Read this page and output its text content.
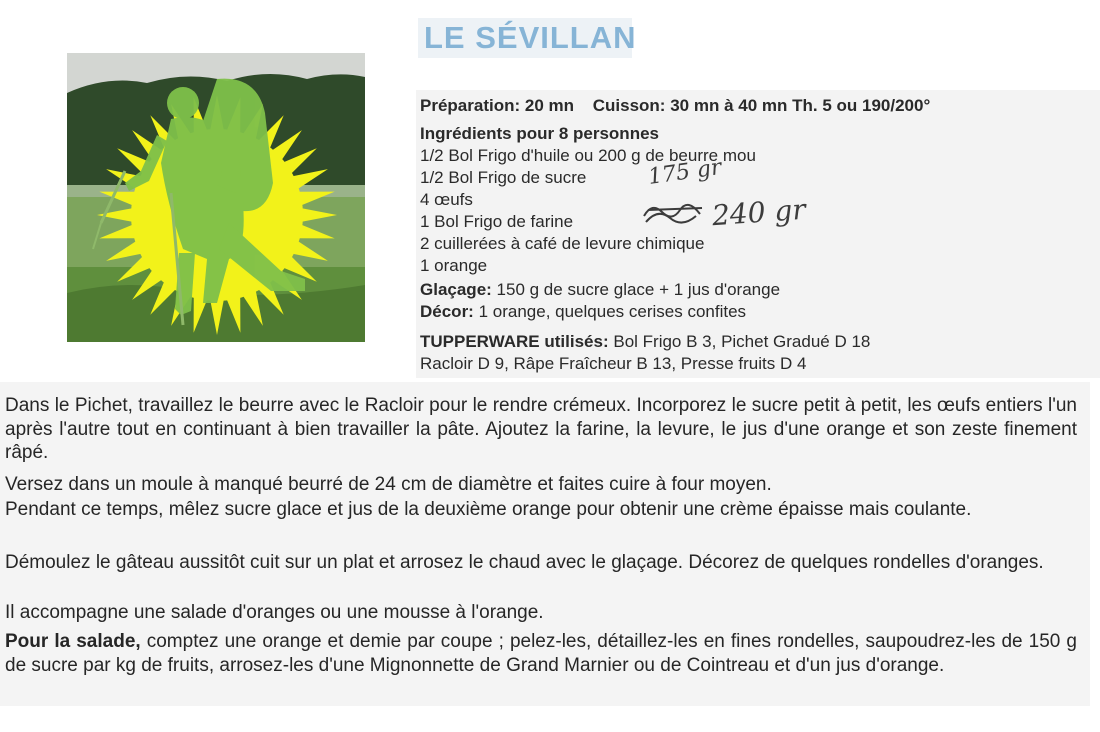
LE SÉVILLAN
Préparation: 20 mn Cuisson: 30 mn à 40 mn Th. 5 ou 190/200°
Ingrédients pour 8 personnes
1/2 Bol Frigo d'huile ou 200 g de beurre mou
1/2 Bol Frigo de sucre
4 œufs
1 Bol Frigo de farine
2 cuillerées à café de levure chimique
1 orange
175 gr
240 gr
Glaçage: 150 g de sucre glace + 1 jus d'orange
Décor: 1 orange, quelques cerises confites
TUPPERWARE utilisés: Bol Frigo B 3, Pichet Gradué D 18
Racloir D 9, Râpe Fraîcheur B 13, Presse fruits D 4
Dans le Pichet, travaillez le beurre avec le Racloir pour le rendre crémeux. Incorporez le sucre petit à petit, les œufs entiers l'un après l'autre tout en continuant à bien travailler la pâte. Ajoutez la farine, la levure, le jus d'une orange et son zeste finement râpé.
Versez dans un moule à manqué beurré de 24 cm de diamètre et faites cuire à four moyen.
Pendant ce temps, mêlez sucre glace et jus de la deuxième orange pour obtenir une crème épaisse mais coulante.
Démoulez le gâteau aussitôt cuit sur un plat et arrosez le chaud avec le glaçage. Décorez de quelques rondelles d'oranges.
Il accompagne une salade d'oranges ou une mousse à l'orange.
Pour la salade, comptez une orange et demie par coupe ; pelez-les, détaillez-les en fines rondelles, saupoudrez-les de 150 g de sucre par kg de fruits, arrosez-les d'une Mignonnette de Grand Marnier ou de Cointreau et d'un jus d'orange.
